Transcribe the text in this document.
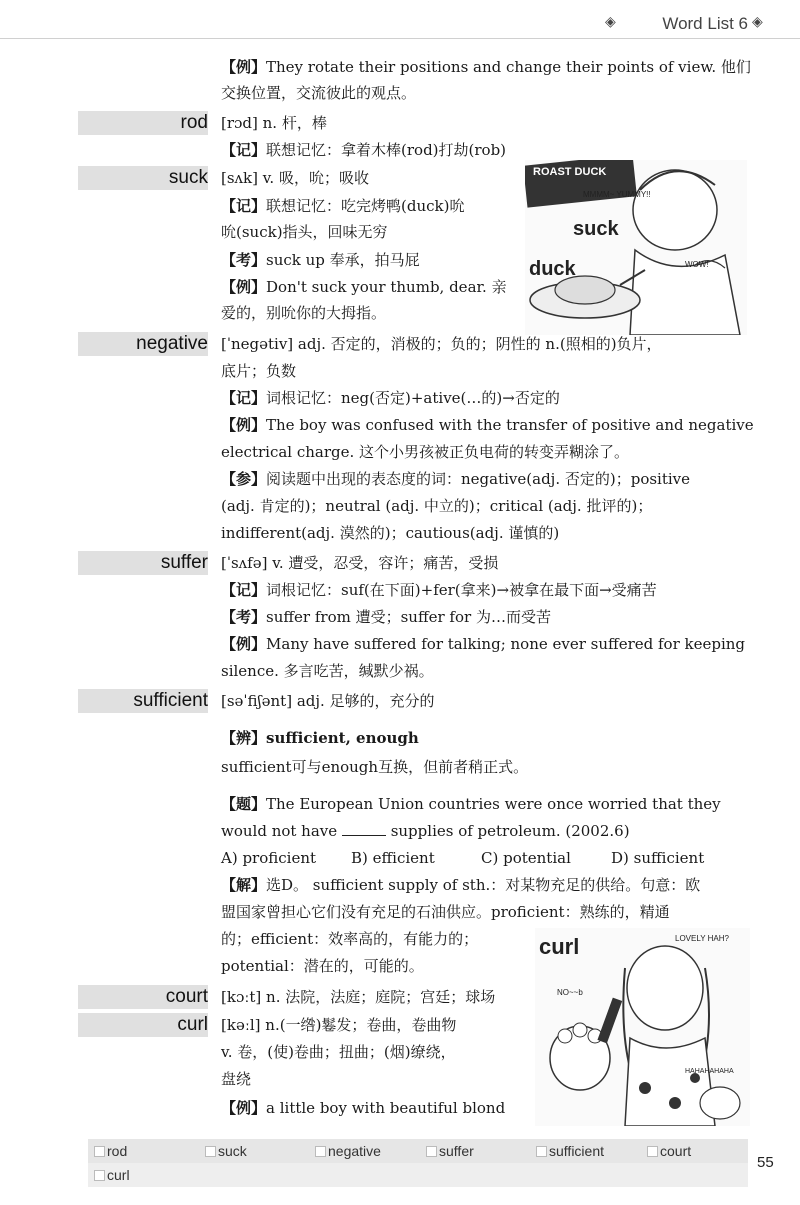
◈	Word List 6 ◈
【例】They rotate their positions and change their points of view. 他们
交换位置，交流彼此的观点。
rod [rɔd] n. 杆，棒
【记】联想记忆：拿着木棒(rod)打劫(rob)
suck [sʌk] v. 吸，吮；吸收
【记】联想记忆：吃完烤鸭(duck)吮
吮(suck)指头，回味无穷
【考】suck up 奉承，拍马屁
【例】Don't suck your thumb, dear. 亲
爱的，别吮你的大拇指。
ROAST DUCK
MMMM~ YUMMY!!
suck
duck	WOW!
negative [ˈnegətiv] adj. 否定的，消极的；负的；阴性的 n.(照相的)负片，
底片；负数
【记】词根记忆：neg(否定)+ative(…的)→否定的
【例】The boy was confused with the transfer of positive and negative
electrical charge. 这个小男孩被正负电荷的转变弄糊涂了。
【参】阅读题中出现的表态度的词：negative(adj. 否定的)；positive
(adj. 肯定的)；neutral (adj. 中立的)；critical (adj. 批评的)；
indifferent(adj. 漠然的)；cautious(adj. 谨慎的)
suffer [ˈsʌfə] v. 遭受，忍受，容许；痛苦，受损
【记】词根记忆：suf(在下面)+fer(拿来)→被拿在最下面→受痛苦
【考】suffer from 遭受；suffer for 为…而受苦
【例】Many have suffered for talking; none ever suffered for keeping
silence. 多言吃苦，缄默少祸。
sufficient [səˈfiʃənt] adj. 足够的，充分的
【辨】sufficient, enough
sufficient可与enough互换，但前者稍正式。
【题】The European Union countries were once worried that they
would not have	supplies of petroleum. (2002.6)
A) proficient B) efficient	C) potential	D) sufficient
【解】选D。 sufficient supply of sth.：对某物充足的供给。句意：欧
盟国家曾担心它们没有充足的石油供应。proficient：熟练的，精通
的；efficient：效率高的，有能力的；
potential：潜在的，可能的。
court [kɔːt] n. 法院，法庭；庭院；宫廷；球场
curl [kəːl] n.(一绺)鬈发；卷曲，卷曲物
v. 卷，(使)卷曲；扭曲；(烟)缭绕，
盘绕
【例】a little boy with beautiful blond
curl	LOVELY HAH?
NO~~b
HAHAHAHAHA
rod	suck	negative	suffer	sufficient	court
curl
55
